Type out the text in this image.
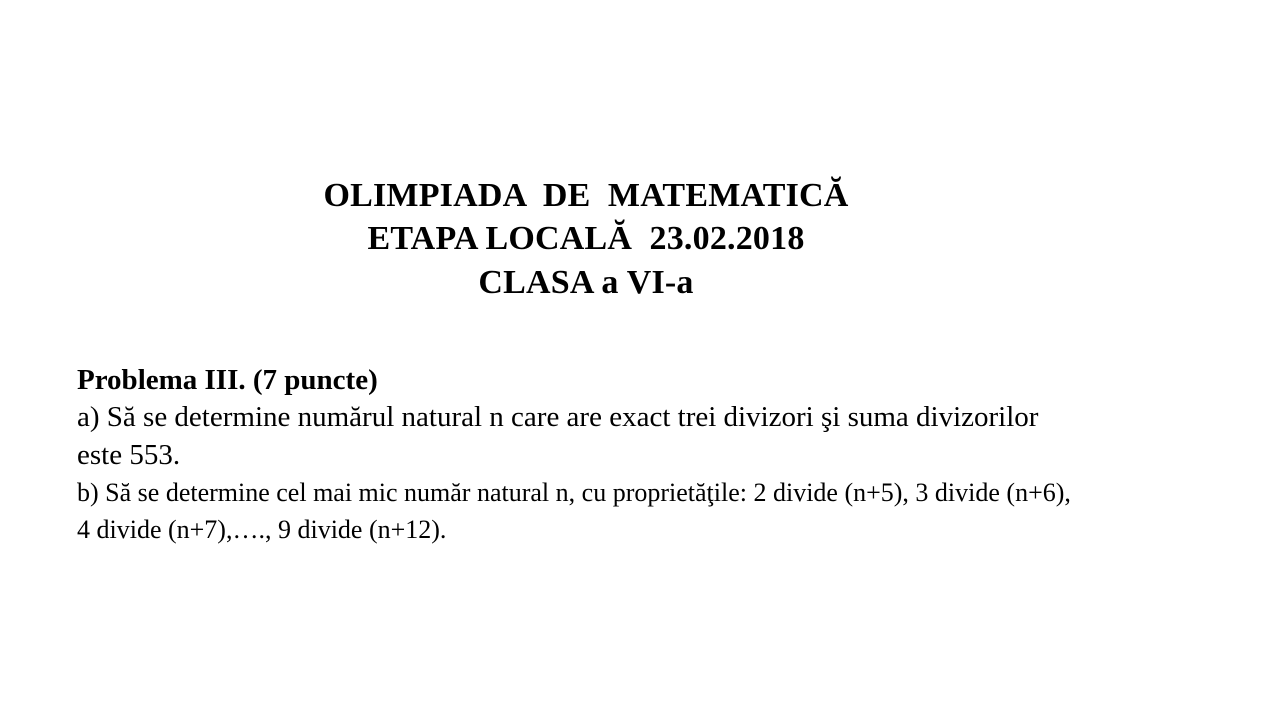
OLIMPIADA  DE  MATEMATICĂ
ETAPA LOCALĂ  23.02.2018
CLASA a VI-a
Problema III. (7 puncte)
a) Să se determine numărul natural n care are exact trei divizori şi suma divizorilor
este 553.
b) Să se determine cel mai mic număr natural n, cu proprietăţile: 2 divide (n+5), 3 divide (n+6),
4 divide (n+7),…., 9 divide (n+12).
